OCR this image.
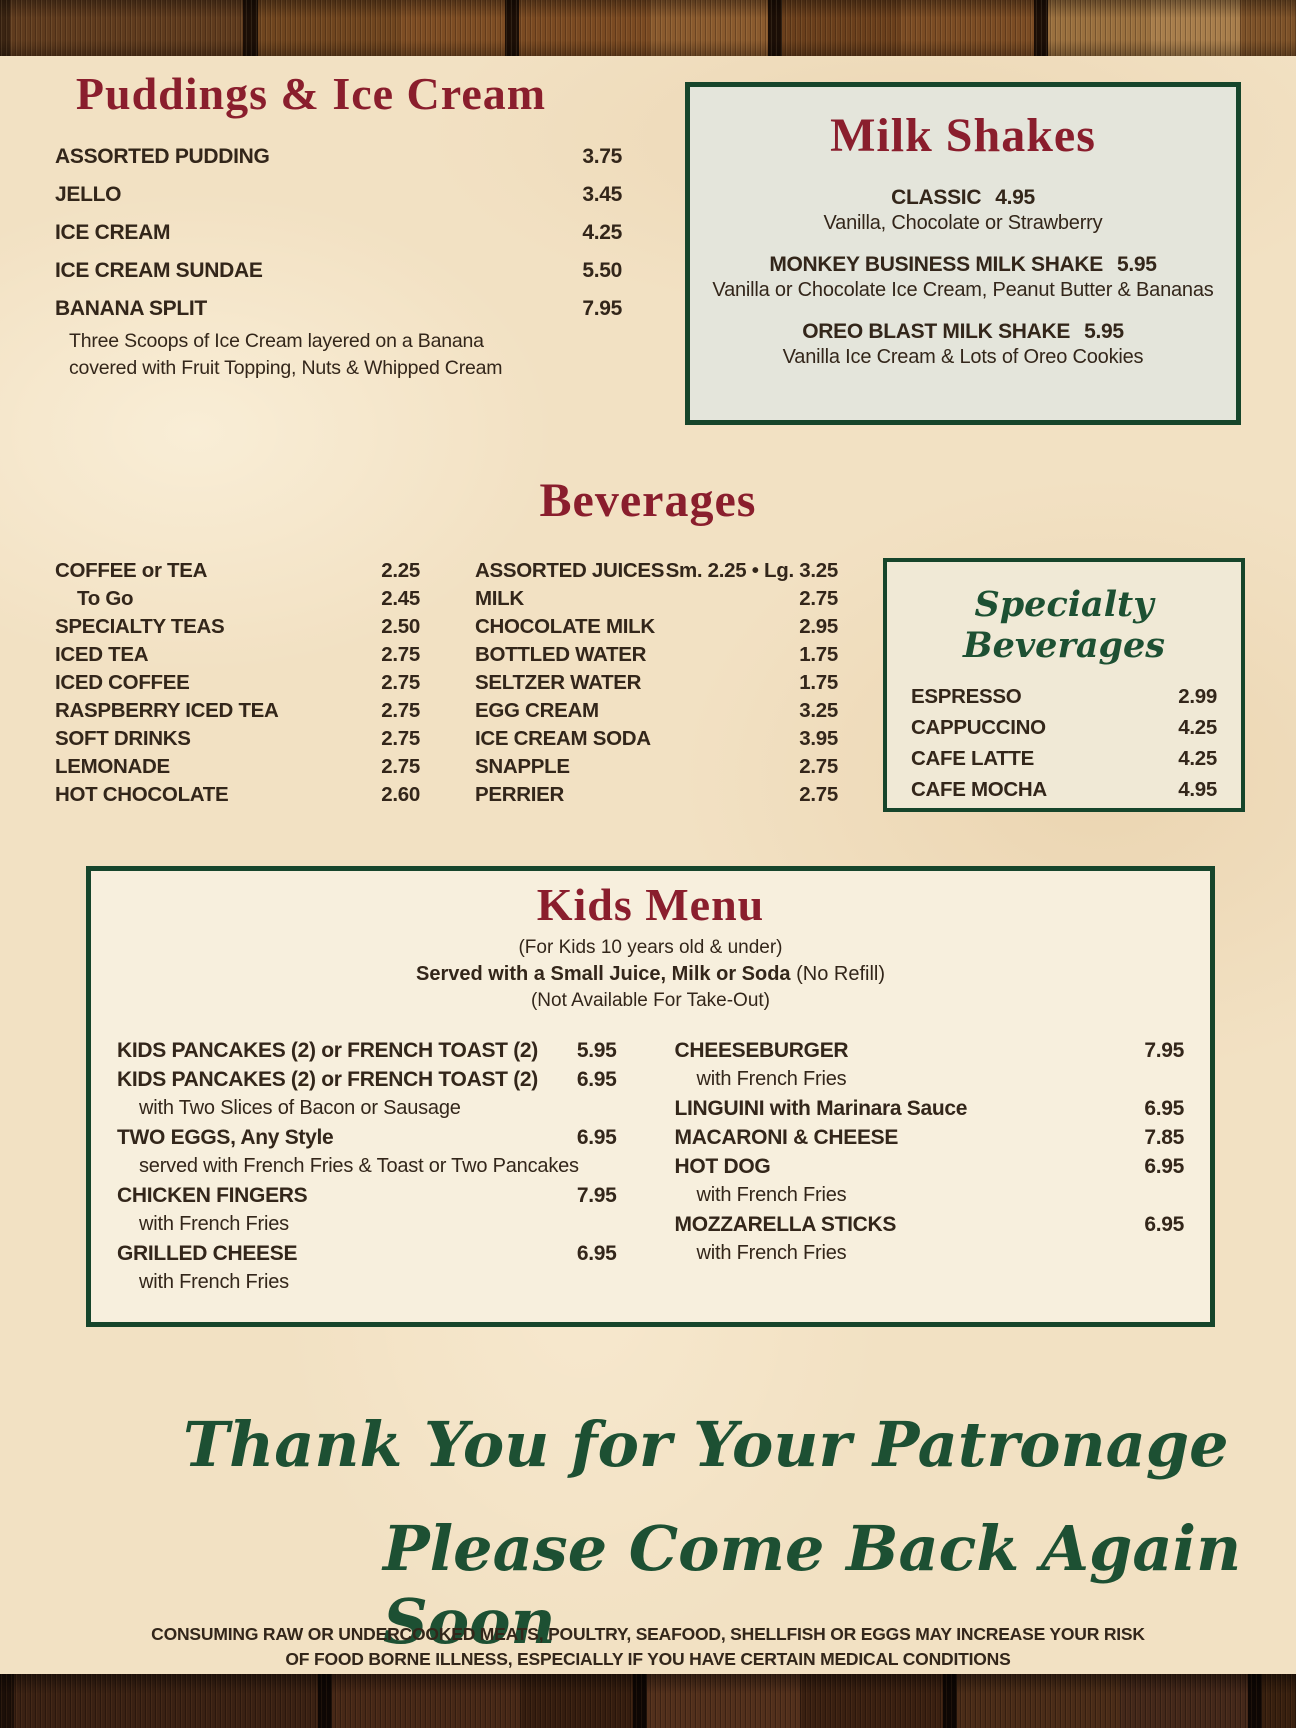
Puddings & Ice Cream
ASSORTED PUDDING	3.75
JELLO	3.45
ICE CREAM	4.25
ICE CREAM SUNDAE	5.50
BANANA SPLIT	7.95
Three Scoops of Ice Cream layered on a Banana
covered with Fruit Topping, Nuts & Whipped Cream
Milk Shakes
CLASSIC 4.95
Vanilla, Chocolate or Strawberry
MONKEY BUSINESS MILK SHAKE 5.95
Vanilla or Chocolate Ice Cream, Peanut Butter & Bananas
OREO BLAST MILK SHAKE 5.95
Vanilla Ice Cream & Lots of Oreo Cookies
Beverages
COFFEE or TEA	2.25
To Go	2.45
SPECIALTY TEAS	2.50
ICED TEA	2.75
ICED COFFEE	2.75
RASPBERRY ICED TEA	2.75
SOFT DRINKS	2.75
LEMONADE	2.75
HOT CHOCOLATE	2.60
ASSORTED JUICES Sm. 2.25 • Lg. 3.25
MILK	2.75
CHOCOLATE MILK	2.95
BOTTLED WATER	1.75
SELTZER WATER	1.75
EGG CREAM	3.25
ICE CREAM SODA	3.95
SNAPPLE	2.75
PERRIER	2.75
Specialty Beverages
ESPRESSO	2.99
CAPPUCCINO	4.25
CAFE LATTE	4.25
CAFE MOCHA	4.95
Kids Menu
(For Kids 10 years old & under)
Served with a Small Juice, Milk or Soda (No Refill)
(Not Available For Take-Out)
KIDS PANCAKES (2) or FRENCH TOAST (2) 5.95
KIDS PANCAKES (2) or FRENCH TOAST (2) 6.95
with Two Slices of Bacon or Sausage
TWO EGGS, Any Style	6.95
served with French Fries & Toast or Two Pancakes
CHICKEN FINGERS	7.95
with French Fries
GRILLED CHEESE	6.95
with French Fries
CHEESEBURGER	7.95
with French Fries
LINGUINI with Marinara Sauce	6.95
MACARONI & CHEESE	7.85
HOT DOG	6.95
with French Fries
MOZZARELLA STICKS	6.95
with French Fries
Thank You for Your Patronage
Please Come Back Again Soon
CONSUMING RAW OR UNDERCOOKED MEATS, POULTRY, SEAFOOD, SHELLFISH OR EGGS MAY INCREASE YOUR RISK
OF FOOD BORNE ILLNESS, ESPECIALLY IF YOU HAVE CERTAIN MEDICAL CONDITIONS
